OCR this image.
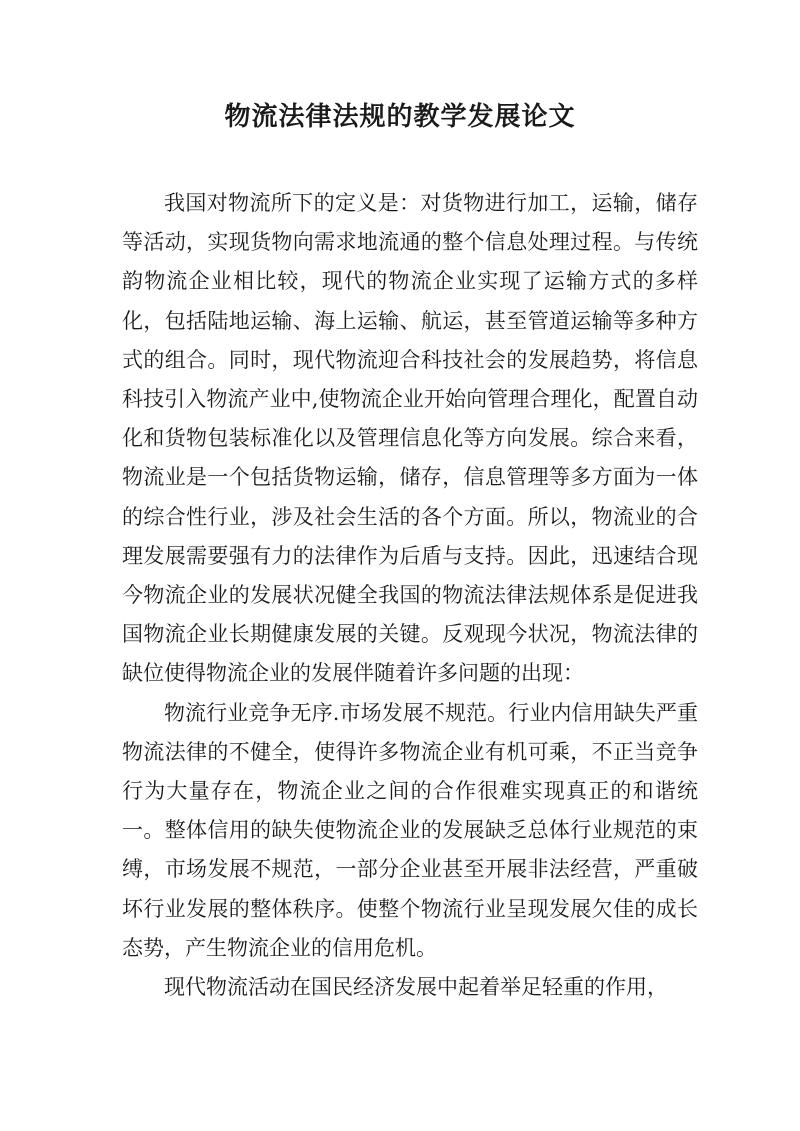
物流法律法规的教学发展论文

我国对物流所下的定义是：对货物进行加工，运输，储存等活动，实现货物向需求地流通的整个信息处理过程。与传统韵物流企业相比较，现代的物流企业实现了运输方式的多样化，包括陆地运输、海上运输、航运，甚至管道运输等多种方式的组合。同时，现代物流迎合科技社会的发展趋势，将信息科技引入物流产业中,使物流企业开始向管理合理化，配置自动化和货物包装标准化以及管理信息化等方向发展。综合来看，物流业是一个包括货物运输，储存，信息管理等多方面为一体的综合性行业，涉及社会生活的各个方面。所以，物流业的合理发展需要强有力的法律作为后盾与支持。因此，迅速结合现今物流企业的发展状况健全我国的物流法律法规体系是促进我国物流企业长期健康发展的关键。反观现今状况，物流法律的缺位使得物流企业的发展伴随着许多问题的出现：

物流行业竞争无序.市场发展不规范。行业内信用缺失严重物流法律的不健全，使得许多物流企业有机可乘，不正当竞争行为大量存在，物流企业之间的合作很难实现真正的和谐统一。整体信用的缺失使物流企业的发展缺乏总体行业规范的束缚，市场发展不规范，一部分企业甚至开展非法经营，严重破坏行业发展的整体秩序。使整个物流行业呈现发展欠佳的成长态势，产生物流企业的信用危机。

现代物流活动在国民经济发展中起着举足轻重的作用，
